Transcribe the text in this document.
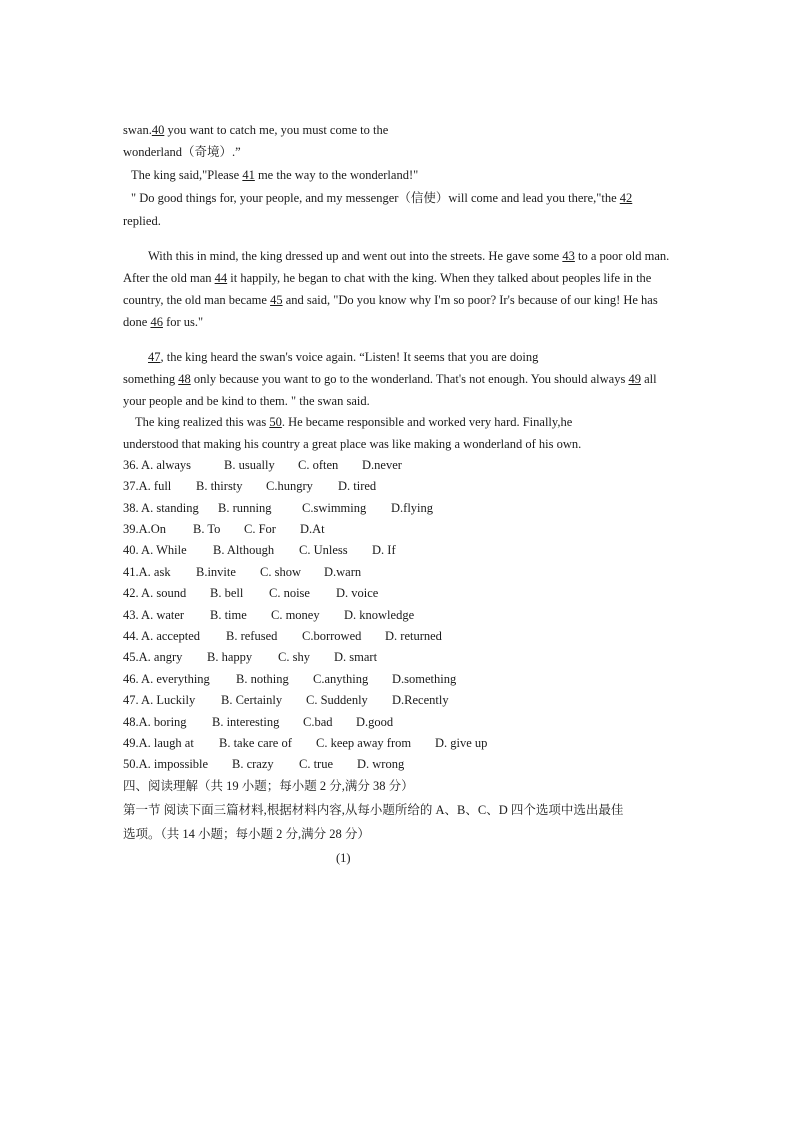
swan.40 you want to catch me, you must come to the
wonderland（奇境）.”
The king said,"Please 41 me the way to the wonderland!"
" Do good things for, your people, and my messenger（信使）will come and lead you there,"the 42
replied.
With this in mind, the king dressed up and went out into the streets. He gave some 43 to a poor old man.
After the old man 44 it happily, he began to chat with the king. When they talked about peoples life in the
country, the old man became 45 and said, "Do you know why I'm so poor? Ir's because of our king! He has
done 46 for us."
47, the king heard the swan's voice again. “Listen! It seems that you are doing
something 48 only because you want to go to the wonderland. That's not enough. You should always 49 all
your people and be kind to them. " the swan said.
The king realized this was 50. He became responsible and worked very hard. Finally,he
understood that making his country a great place was like making a wonderland of his own.
36. A. always	B. usually C. often D.never
37.A. full B. thirsty C.hungry D. tired
38. A. standing B. running C.swimming D.flying
39.A.On B. To C. For D.At
40. A. While B. Although C. Unless D. If
41.A. ask B.invite C. show D.warn
42. A. sound B. bell C. noise D. voice
43. A. water B. time C. money D. knowledge
44. A. accepted B. refused C.borrowed D. returned
45.A. angry B. happy C. shy D. smart
46. A. everything B. nothing C.anything D.something
47. A. Luckily B. Certainly C. Suddenly D.Recently
48.A. boring B. interesting C.bad D.good
49.A. laugh at B. take care of C. keep away from D. give up
50.A. impossible B. crazy C. true D. wrong
四、阅读理解（共 19 小题；每小题 2 分,满分 38 分）
第一节 阅读下面三篇材料,根据材料内容,从每小题所给的 A、B、C、D 四个选项中选出最佳
选项。（共 14 小题；每小题 2 分,满分 28 分）
(1)
